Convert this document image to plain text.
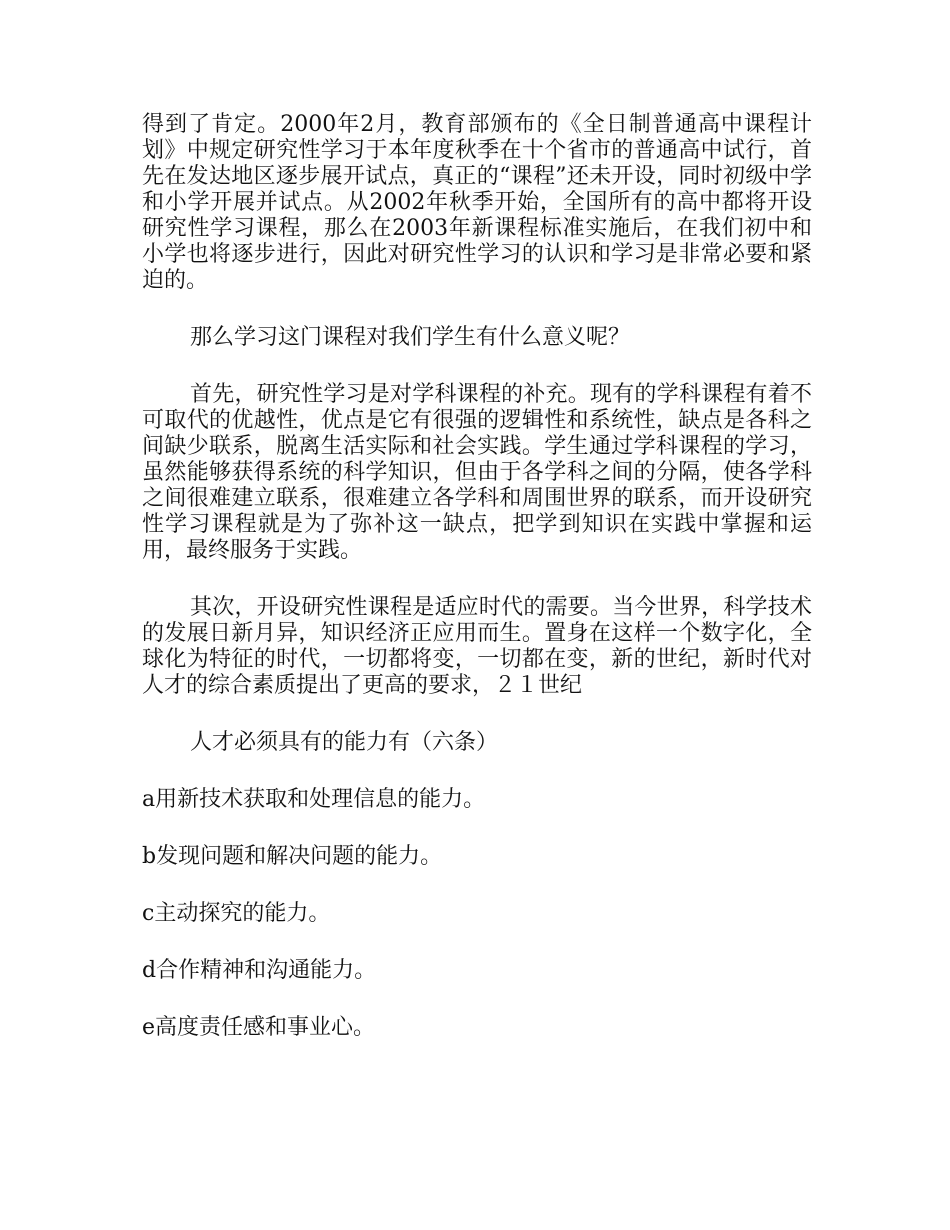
得到了肯定。2000年2月，教育部颁布的《全日制普通高中课程计划》中规定研究性学习于本年度秋季在十个省市的普通高中试行，首先在发达地区逐步展开试点，真正的“课程”还未开设，同时初级中学和小学开展并试点。从2002年秋季开始，全国所有的高中都将开设研究性学习课程，那么在2003年新课程标准实施后，在我们初中和小学也将逐步进行，因此对研究性学习的认识和学习是非常必要和紧迫的。

那么学习这门课程对我们学生有什么意义呢？

首先，研究性学习是对学科课程的补充。现有的学科课程有着不可取代的优越性，优点是它有很强的逻辑性和系统性，缺点是各科之间缺少联系，脱离生活实际和社会实践。学生通过学科课程的学习，虽然能够获得系统的科学知识，但由于各学科之间的分隔，使各学科之间很难建立联系，很难建立各学科和周围世界的联系，而开设研究性学习课程就是为了弥补这一缺点，把学到知识在实践中掌握和运用，最终服务于实践。

其次，开设研究性课程是适应时代的需要。当今世界，科学技术的发展日新月异，知识经济正应用而生。置身在这样一个数字化，全球化为特征的时代，一切都将变，一切都在变，新的世纪，新时代对人才的综合素质提出了更高的要求，２１世纪

人才必须具有的能力有（六条）

a用新技术获取和处理信息的能力。

b发现问题和解决问题的能力。

c主动探究的能力。

d合作精神和沟通能力。

e高度责任感和事业心。
